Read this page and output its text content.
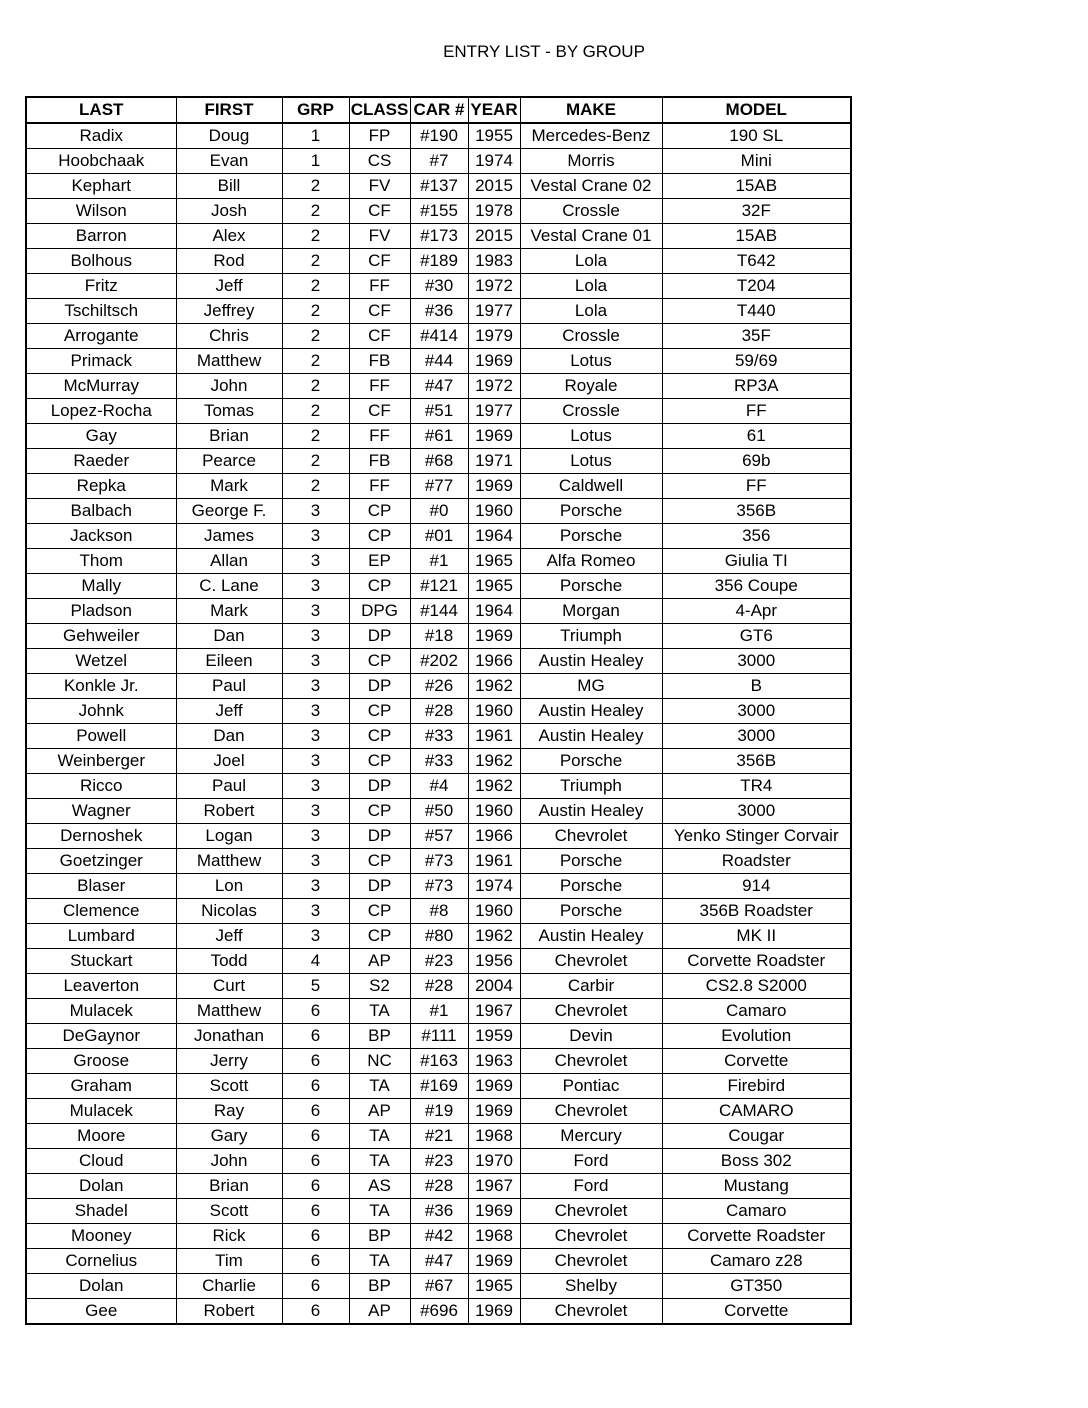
ENTRY LIST - BY GROUP
LAST	FIRST	GRP	CLASS	CAR #	YEAR	MAKE	MODEL
Radix	Doug	1	FP	#190	1955	Mercedes-Benz	190 SL
Hoobchaak	Evan	1	CS	#7	1974	Morris	Mini
Kephart	Bill	2	FV	#137	2015	Vestal Crane 02	15AB
Wilson	Josh	2	CF	#155	1978	Crossle	32F
Barron	Alex	2	FV	#173	2015	Vestal Crane 01	15AB
Bolhous	Rod	2	CF	#189	1983	Lola	T642
Fritz	Jeff	2	FF	#30	1972	Lola	T204
Tschiltsch	Jeffrey	2	CF	#36	1977	Lola	T440
Arrogante	Chris	2	CF	#414	1979	Crossle	35F
Primack	Matthew	2	FB	#44	1969	Lotus	59/69
McMurray	John	2	FF	#47	1972	Royale	RP3A
Lopez-Rocha	Tomas	2	CF	#51	1977	Crossle	FF
Gay	Brian	2	FF	#61	1969	Lotus	61
Raeder	Pearce	2	FB	#68	1971	Lotus	69b
Repka	Mark	2	FF	#77	1969	Caldwell	FF
Balbach	George F.	3	CP	#0	1960	Porsche	356B
Jackson	James	3	CP	#01	1964	Porsche	356
Thom	Allan	3	EP	#1	1965	Alfa Romeo	Giulia TI
Mally	C. Lane	3	CP	#121	1965	Porsche	356 Coupe
Pladson	Mark	3	DPG	#144	1964	Morgan	4-Apr
Gehweiler	Dan	3	DP	#18	1969	Triumph	GT6
Wetzel	Eileen	3	CP	#202	1966	Austin Healey	3000
Konkle Jr.	Paul	3	DP	#26	1962	MG	B
Johnk	Jeff	3	CP	#28	1960	Austin Healey	3000
Powell	Dan	3	CP	#33	1961	Austin Healey	3000
Weinberger	Joel	3	CP	#33	1962	Porsche	356B
Ricco	Paul	3	DP	#4	1962	Triumph	TR4
Wagner	Robert	3	CP	#50	1960	Austin Healey	3000
Dernoshek	Logan	3	DP	#57	1966	Chevrolet	Yenko Stinger Corvair
Goetzinger	Matthew	3	CP	#73	1961	Porsche	Roadster
Blaser	Lon	3	DP	#73	1974	Porsche	914
Clemence	Nicolas	3	CP	#8	1960	Porsche	356B Roadster
Lumbard	Jeff	3	CP	#80	1962	Austin Healey	MK II
Stuckart	Todd	4	AP	#23	1956	Chevrolet	Corvette Roadster
Leaverton	Curt	5	S2	#28	2004	Carbir	CS2.8 S2000
Mulacek	Matthew	6	TA	#1	1967	Chevrolet	Camaro
DeGaynor	Jonathan	6	BP	#111	1959	Devin	Evolution
Groose	Jerry	6	NC	#163	1963	Chevrolet	Corvette
Graham	Scott	6	TA	#169	1969	Pontiac	Firebird
Mulacek	Ray	6	AP	#19	1969	Chevrolet	CAMARO
Moore	Gary	6	TA	#21	1968	Mercury	Cougar
Cloud	John	6	TA	#23	1970	Ford	Boss 302
Dolan	Brian	6	AS	#28	1967	Ford	Mustang
Shadel	Scott	6	TA	#36	1969	Chevrolet	Camaro
Mooney	Rick	6	BP	#42	1968	Chevrolet	Corvette Roadster
Cornelius	Tim	6	TA	#47	1969	Chevrolet	Camaro z28
Dolan	Charlie	6	BP	#67	1965	Shelby	GT350
Gee	Robert	6	AP	#696	1969	Chevrolet	Corvette
